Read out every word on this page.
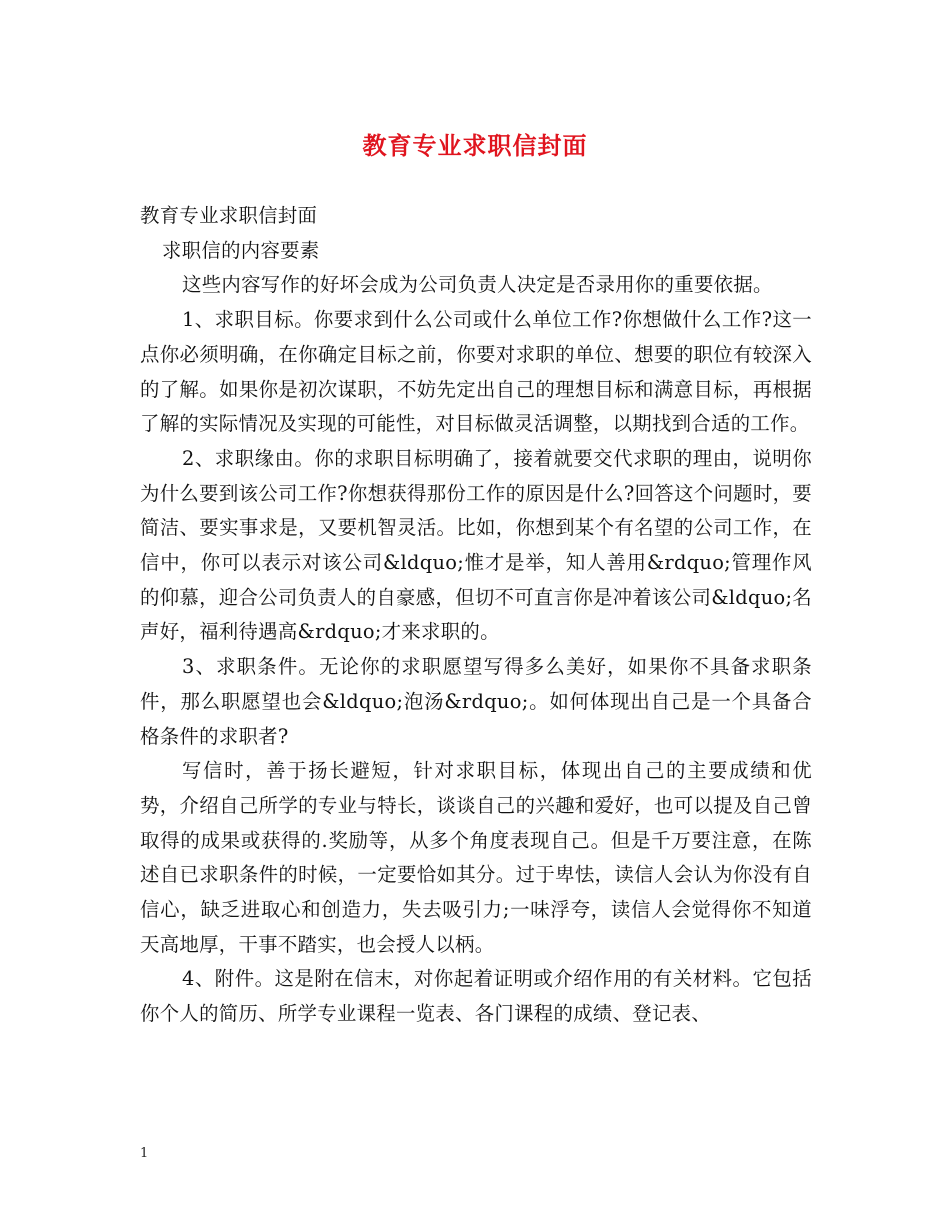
教育专业求职信封面

教育专业求职信封面

求职信的内容要素

这些内容写作的好坏会成为公司负责人决定是否录用你的重要依据。

1、求职目标。你要求到什么公司或什么单位工作?你想做什么工作?这一点你必须明确，在你确定目标之前，你要对求职的单位、想要的职位有较深入的了解。如果你是初次谋职，不妨先定出自己的理想目标和满意目标，再根据了解的实际情况及实现的可能性，对目标做灵活调整，以期找到合适的工作。

2、求职缘由。你的求职目标明确了，接着就要交代求职的理由，说明你为什么要到该公司工作?你想获得那份工作的原因是什么?回答这个问题时，要简洁、要实事求是，又要机智灵活。比如，你想到某个有名望的公司工作，在信中，你可以表示对该公司&ldquo;惟才是举，知人善用&rdquo;管理作风的仰慕，迎合公司负责人的自豪感，但切不可直言你是冲着该公司&ldquo;名声好，福利待遇高&rdquo;才来求职的。

3、求职条件。无论你的求职愿望写得多么美好，如果你不具备求职条件，那么职愿望也会&ldquo;泡汤&rdquo;。如何体现出自己是一个具备合格条件的求职者?

写信时，善于扬长避短，针对求职目标，体现出自己的主要成绩和优势，介绍自己所学的专业与特长，谈谈自己的兴趣和爱好，也可以提及自己曾取得的成果或获得的.奖励等，从多个角度表现自己。但是千万要注意，在陈述自已求职条件的时候，一定要恰如其分。过于卑怯，读信人会认为你没有自信心，缺乏进取心和创造力，失去吸引力;一味浮夸，读信人会觉得你不知道天高地厚，干事不踏实，也会授人以柄。

4、附件。这是附在信末，对你起着证明或介绍作用的有关材料。它包括你个人的简历、所学专业课程一览表、各门课程的成绩、登记表、

1
